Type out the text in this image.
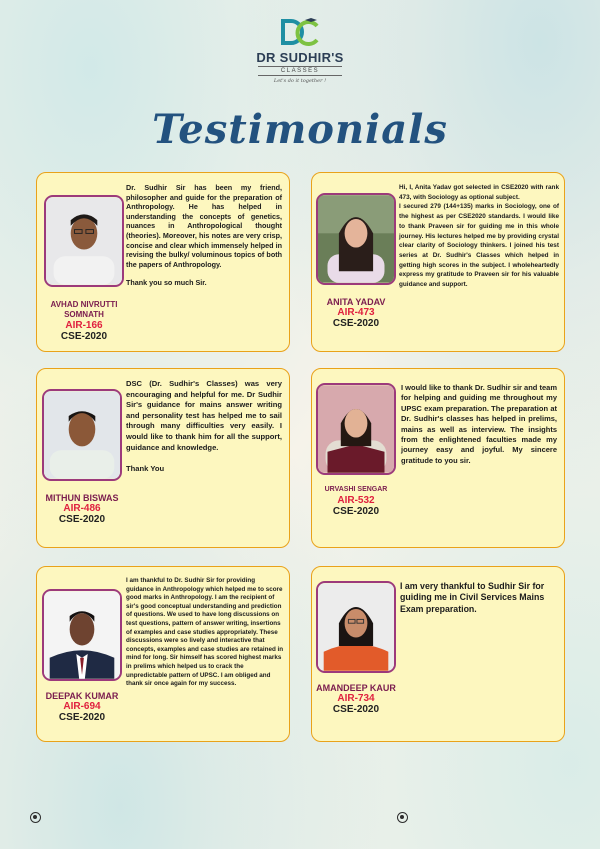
DR SUDHIR'S
CLASSES
Let's do it together !
Testimonials
AVHAD NIVRUTTI SOMNATH
AIR-166
CSE-2020

Dr. Sudhir Sir has been my friend, philosopher and guide for the preparation of Anthropology. He has helped in understanding the concepts of genetics, nuances in Anthropological thought (theories). Moreover, his notes are very crisp, concise and clear which immensely helped in revising the bulky/ voluminous topics of both the papers of Anthropology.

Thank you so much Sir.

ANITA YADAV
AIR-473
CSE-2020

Hi, I, Anita Yadav got selected in CSE2020 with rank 473, with Sociology as optional subject.

I secured 279 (144+135) marks in Sociology, one of the highest as per CSE2020 standards. I would like to thank Praveen sir for guiding me in this whole journey. His lectures helped me by providing crystal clear clarity of Sociology thinkers. I joined his test series at Dr. Sudhir's Classes which helped in getting high scores in the subject. I wholeheartedly express my gratitude to Praveen sir for his valuable guidance and support.

MITHUN BISWAS
AIR-486
CSE-2020

DSC (Dr. Sudhir's Classes) was very encouraging and helpful for me. Dr Sudhir Sir's guidance for mains answer writing and personality test has helped me to sail through many difficulties very easily. I would like to thank him for all the support, guidance and knowledge.

Thank You

URVASHI SENGAR
AIR-532
CSE-2020

I would like to thank Dr. Sudhir sir and team for helping and guiding me throughout my UPSC exam preparation. The preparation at Dr. Sudhir's classes has helped in prelims, mains as well as interview. The insights from the enlightened faculties made my journey easy and joyful. My sincere gratitude to you sir.

DEEPAK KUMAR
AIR-694
CSE-2020

I am thankful to Dr. Sudhir Sir for providing guidance in Anthropology which helped me to score good marks in Anthropology. I am the recipient of sir's good conceptual understanding and prediction of questions. We used to have long discussions on test questions, pattern of answer writing, insertions of examples and case studies appropriately. These discussions were so lively and interactive that concepts, examples and case studies are retained in mind for long. Sir himself has scored highest marks in prelims which helped us to crack the unpredictable pattern of UPSC. I am obliged and thank sir once again for my success.	AMANDEEP KAUR
AIR-734
CSE-2020

I am very thankful to Sudhir Sir for guiding me in Civil Services Mains Exam preparation.
